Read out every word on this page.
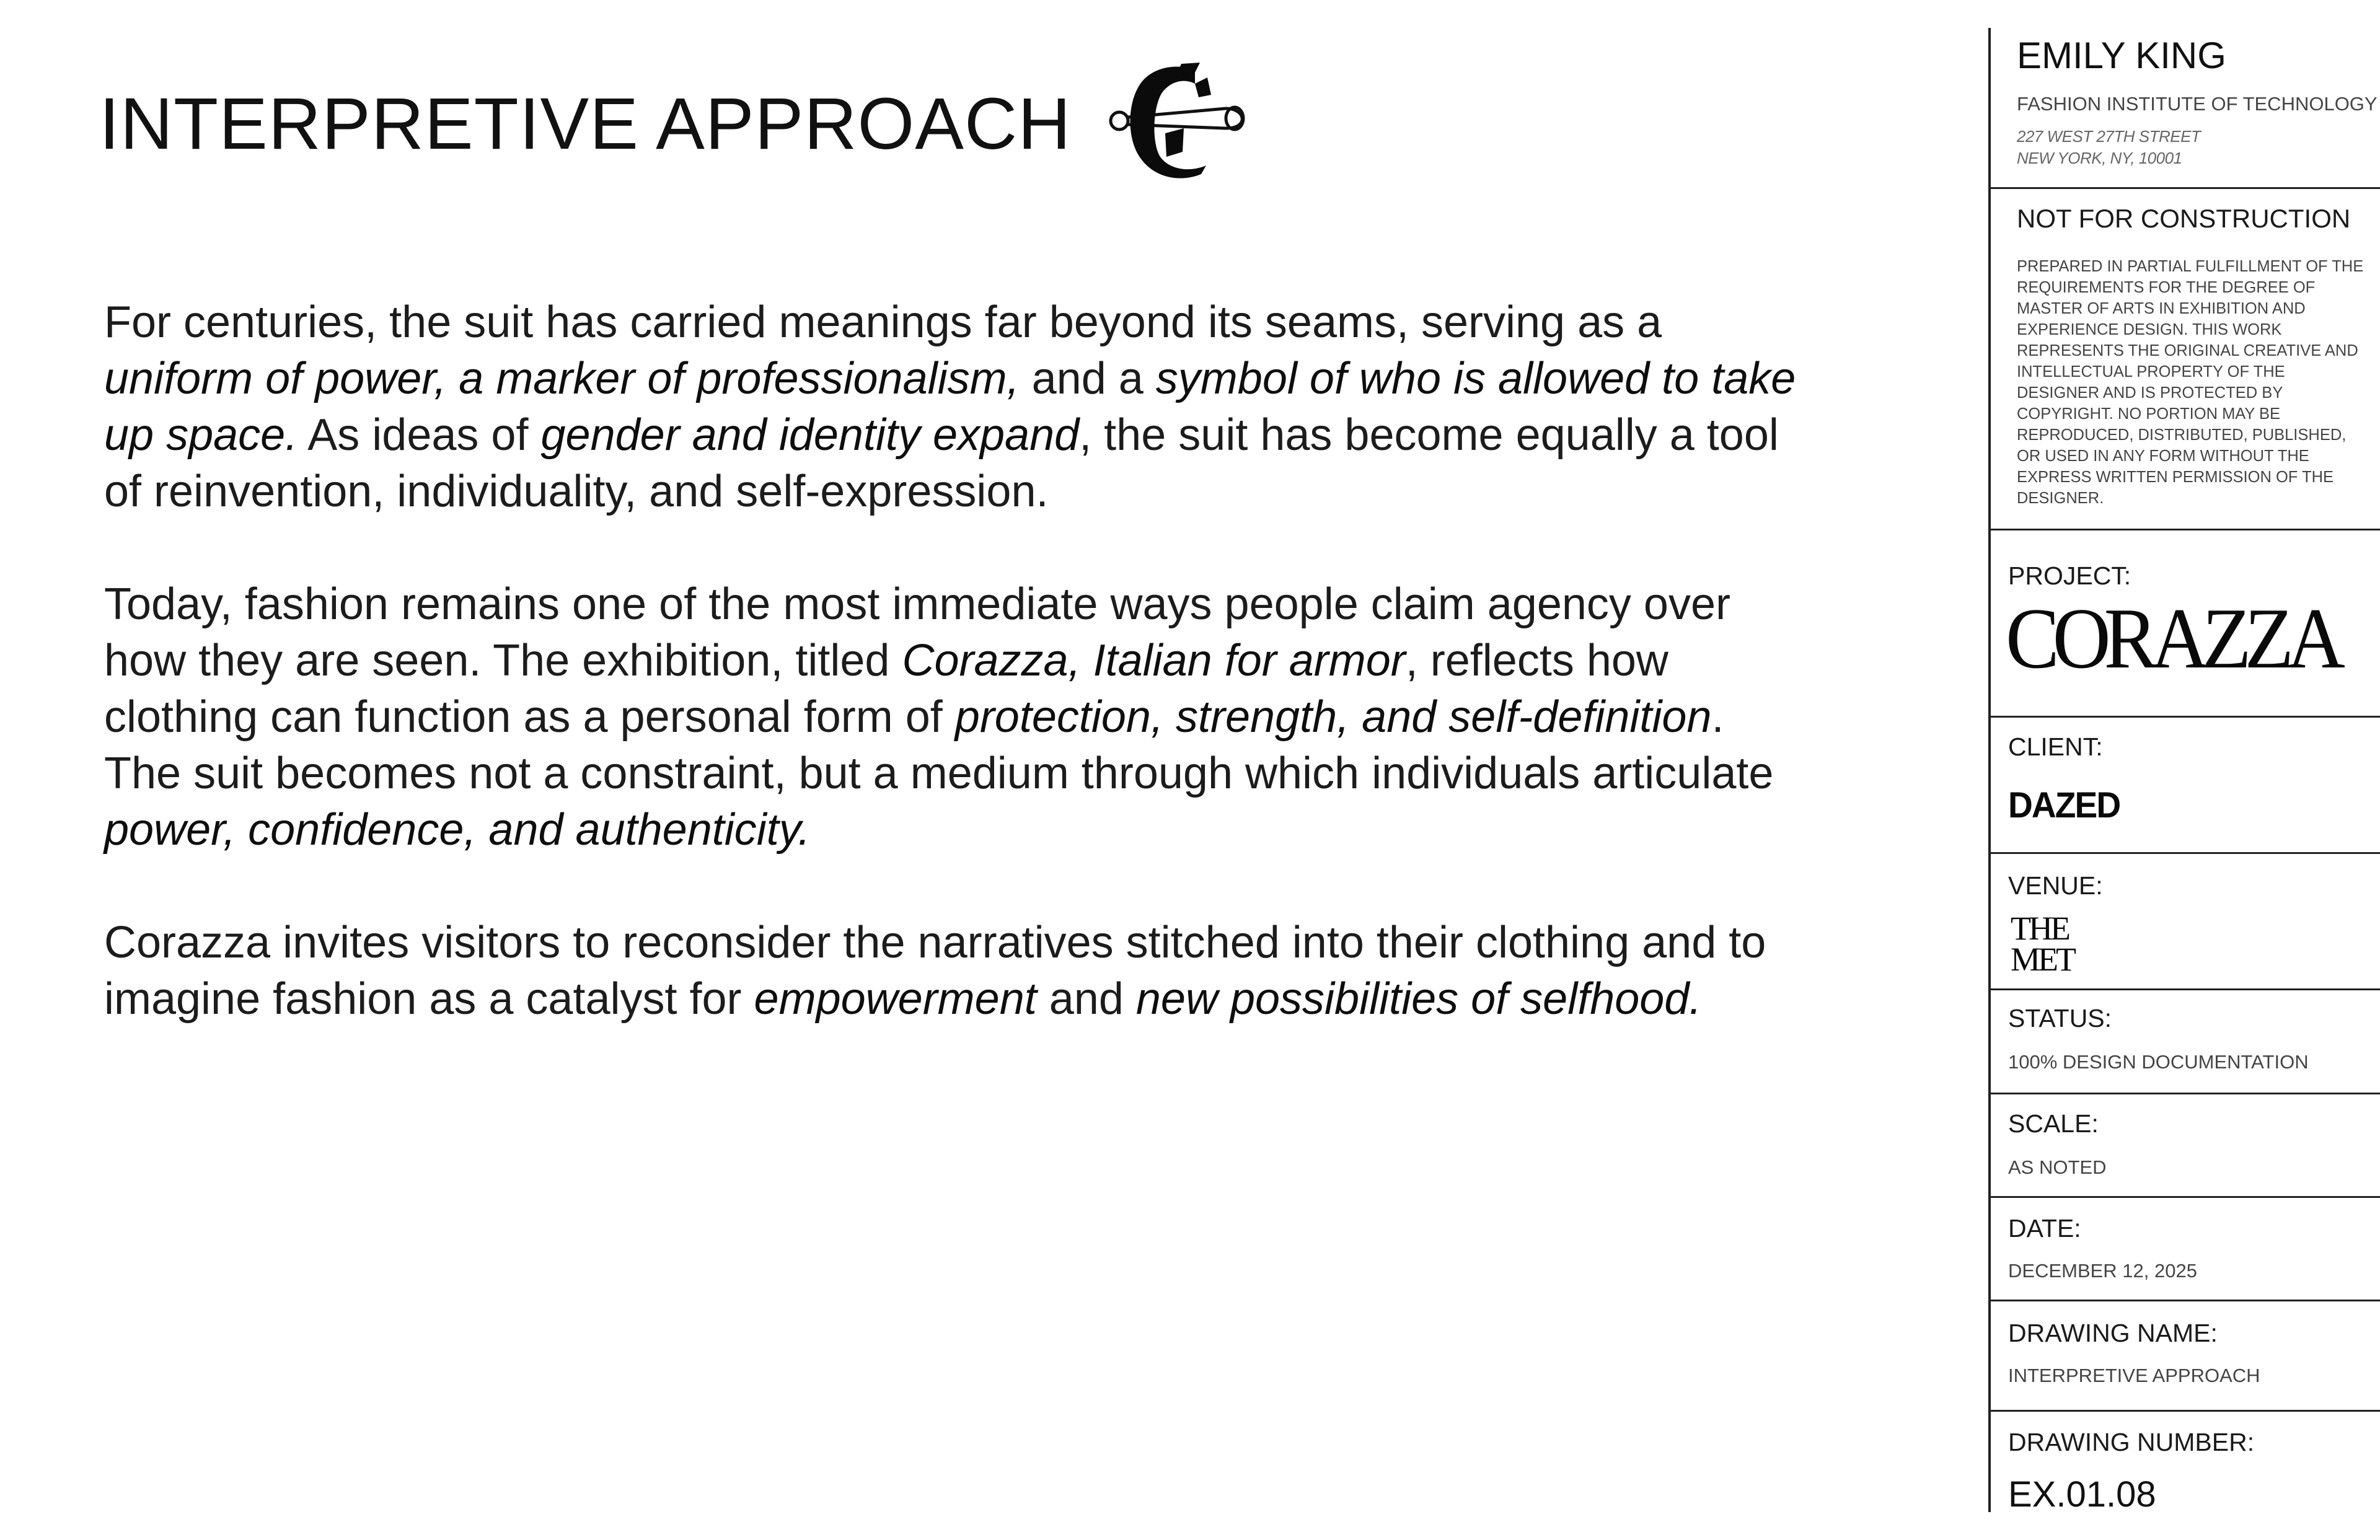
INTERPRETIVE APPROACH

For centuries, the suit has carried meanings far beyond its seams, serving as a uniform of power, a marker of professionalism, and a symbol of who is allowed to take up space. As ideas of gender and identity expand, the suit has become equally a tool of reinvention, individuality, and self-expression.

Today, fashion remains one of the most immediate ways people claim agency over how they are seen. The exhibition, titled Corazza, Italian for armor, reflects how clothing can function as a personal form of protection, strength, and self-definition. The suit becomes not a constraint, but a medium through which individuals articulate power, confidence, and authenticity.

Corazza invites visitors to reconsider the narratives stitched into their clothing and to imagine fashion as a catalyst for empowerment and new possibilities of selfhood.

EMILY KING
FASHION INSTITUTE OF TECHNOLOGY
227 WEST 27TH STREET
NEW YORK, NY, 10001
NOT FOR CONSTRUCTION
PREPARED IN PARTIAL FULFILLMENT OF THE REQUIREMENTS FOR THE DEGREE OF MASTER OF ARTS IN EXHIBITION AND EXPERIENCE DESIGN. THIS WORK REPRESENTS THE ORIGINAL CREATIVE AND INTELLECTUAL PROPERTY OF THE DESIGNER AND IS PROTECTED BY COPYRIGHT. NO PORTION MAY BE REPRODUCED, DISTRIBUTED, PUBLISHED, OR USED IN ANY FORM WITHOUT THE EXPRESS WRITTEN PERMISSION OF THE DESIGNER.
PROJECT:
CORAZZA
CLIENT:
DAZED
VENUE:
THE
MET
STATUS:
100% DESIGN DOCUMENTATION
SCALE:
AS NOTED
DATE:
DECEMBER 12, 2025
DRAWING NAME:
INTERPRETIVE APPROACH
DRAWING NUMBER:
EX.01.08
